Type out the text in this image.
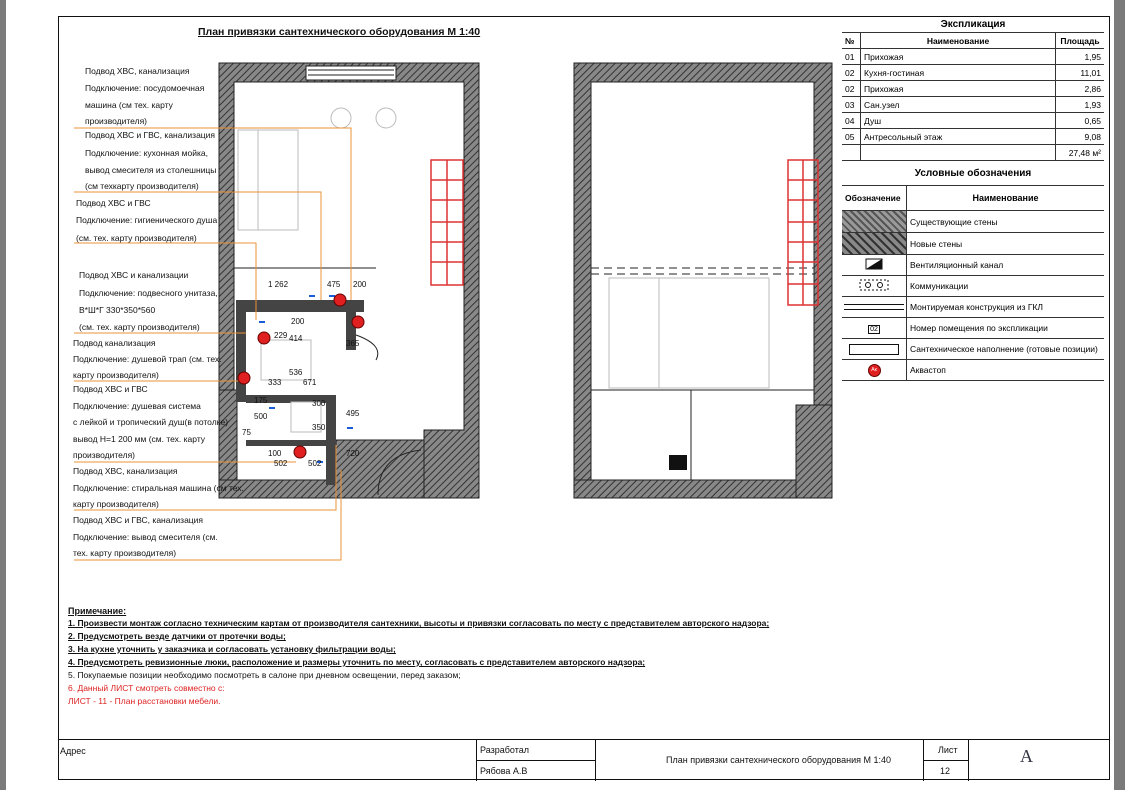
План привязки сантехнического оборудования М 1:40
1 262	475 200
200
414
229
365
536
333	671
175
500
300
350
75
495
100
502	502
720
Подвод ХВС, канализация
Подключение: посудомоечная
машина (см тех. карту
производителя)
Подвод ХВС и ГВС, канализация
Подключение: кухонная мойка,
вывод смесителя из столешницы
(см техкарту производителя)
Подвод ХВС и ГВС
Подключение: гигиенического душа
(см. тех. карту производителя)
Подвод ХВС и канализации
Подключение: подвесного унитаза,
В*Ш*Г 330*350*560
(см. тех. карту производителя)
Подвод канализация
Подключение: душевой трап (см. тех.
карту производителя)
Подвод ХВС и ГВС
Подключение: душевая система
с лейкой и тропический душ(в потолке)
вывод Н=1 200 мм (см. тех. карту
производителя)
Подвод ХВС, канализация
Подключение: стиральная машина (см тех.
карту производителя)
Подвод ХВС и ГВС, канализация
Подключение: вывод смесителя (см.
тех. карту производителя)
Экспликация		
№	Наименование	Площадь
01	Прихожая	1,95
02	Кухня-гостиная	11,01
02	Прихожая	2,86
03	Сан.узел	1,93
04	Душ	0,65
05	Антресольный этаж	9,08
		27,48 м²
Условные обозначения	
Обозначение	Наименование

	Существующие стены

	Новые стены
	Вентиляционный канал
	Коммуникации

	Монтируемая конструкция из ГКЛ
02	Номер помещения по экспликации

	Сантехническое наполнение (готовые позиции)
Ак	Аквастоп
Примечание:
1. Произвести монтаж согласно техническим картам от производителя сантехники, высоты и привязки согласовать по месту с представителем авторского надзора;
2. Предусмотреть везде датчики от протечки воды;
3. На кухне уточнить у заказчика и согласовать установку фильтрации воды;
4. Предусмотреть ревизионные люки, расположение и размеры уточнить по месту, согласовать с представителем авторского надзора;
5. Покупаемые позиции необходимо посмотреть в салоне при дневном освещении, перед заказом;
6. Данный ЛИСТ смотреть совместно с:
ЛИСТ - 11 - План расстановки мебели.
Адрес	Разработал
Рябова А.В
План привязки сантехнического оборудования М 1:40
Лист
12
A
